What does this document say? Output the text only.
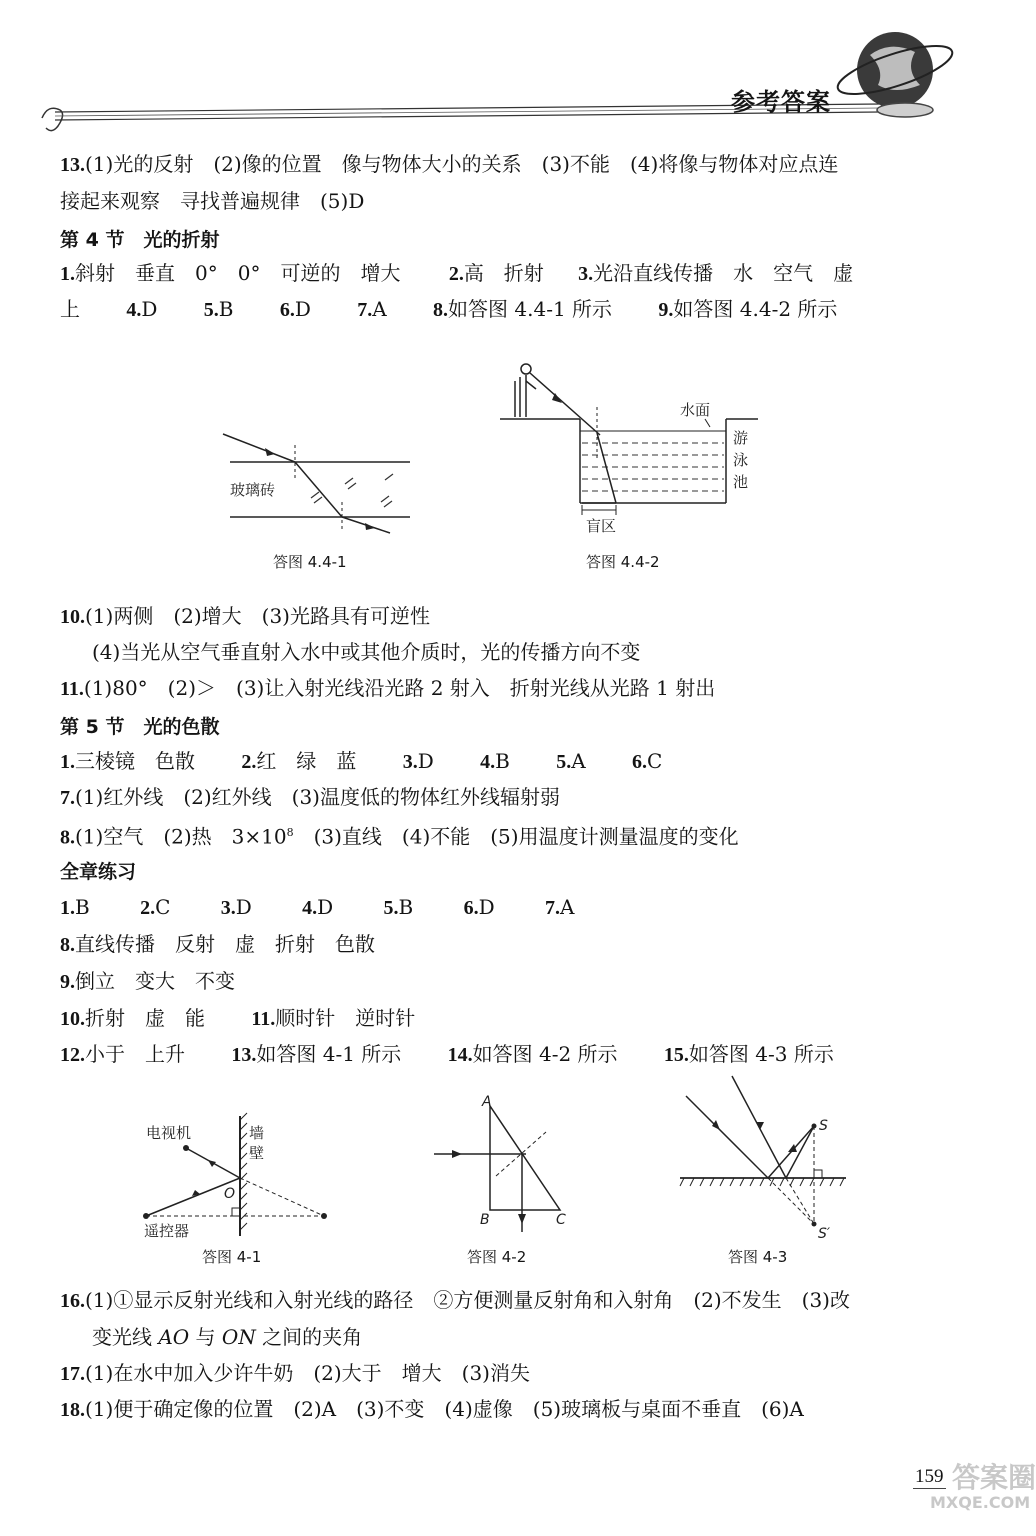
参考答案
13.(1)光的反射　(2)像的位置　像与物体大小的关系　(3)不能　(4)将像与物体对应点连
接起来观察　寻找普遍规律　(5)D
第 4 节　光的折射
1.斜射　垂直　0°　0°　可逆的　增大 2.高　折射 3.光沿直线传播　水　空气　虚
上 4.D 5.B 6.D 7.A 8.如答图 4.4-1 所示 9.如答图 4.4-2 所示
玻璃砖
答图 4.4-1
水面
游
泳
池
盲区
答图 4.4-2
10.(1)两侧　(2)增大　(3)光路具有可逆性
(4)当光从空气垂直射入水中或其他介质时，光的传播方向不变
11.(1)80°　(2)＞　(3)让入射光线沿光路 2 射入　折射光线从光路 1 射出
第 5 节　光的色散
1.三棱镜　色散 2.红　绿　蓝 3.D 4.B 5.A 6.C
7.(1)红外线　(2)红外线　(3)温度低的物体红外线辐射弱
8.(1)空气　(2)热　$3\times 10^8$　(3)直线　(4)不能　(5)用温度计测量温度的变化
全章练习
1.B	2.C	3.D	4.D	5.B	6.D	7.A
8.直线传播　反射　虚　折射　色散
9.倒立　变大　不变
10.折射　虚　能 11.顺时针　逆时针
12.小于　上升 13.如答图 4-1 所示 14.如答图 4-2 所示 15.如答图 4-3 所示
电视机	墙
壁
O
遥控器
答图 4-1
A
B	C
答图 4-2
S
S′
答图 4-3
16.(1)①显示反射光线和入射光线的路径　②方便测量反射角和入射角　(2)不发生　(3)改
变光线 AO 与 ON 之间的夹角
17.(1)在水中加入少许牛奶　(2)大于　增大　(3)消失
18.(1)便于确定像的位置　(2)A　(3)不变　(4)虚像　(5)玻璃板与桌面不垂直　(6)A
159 答案圈
MXQE.COM
